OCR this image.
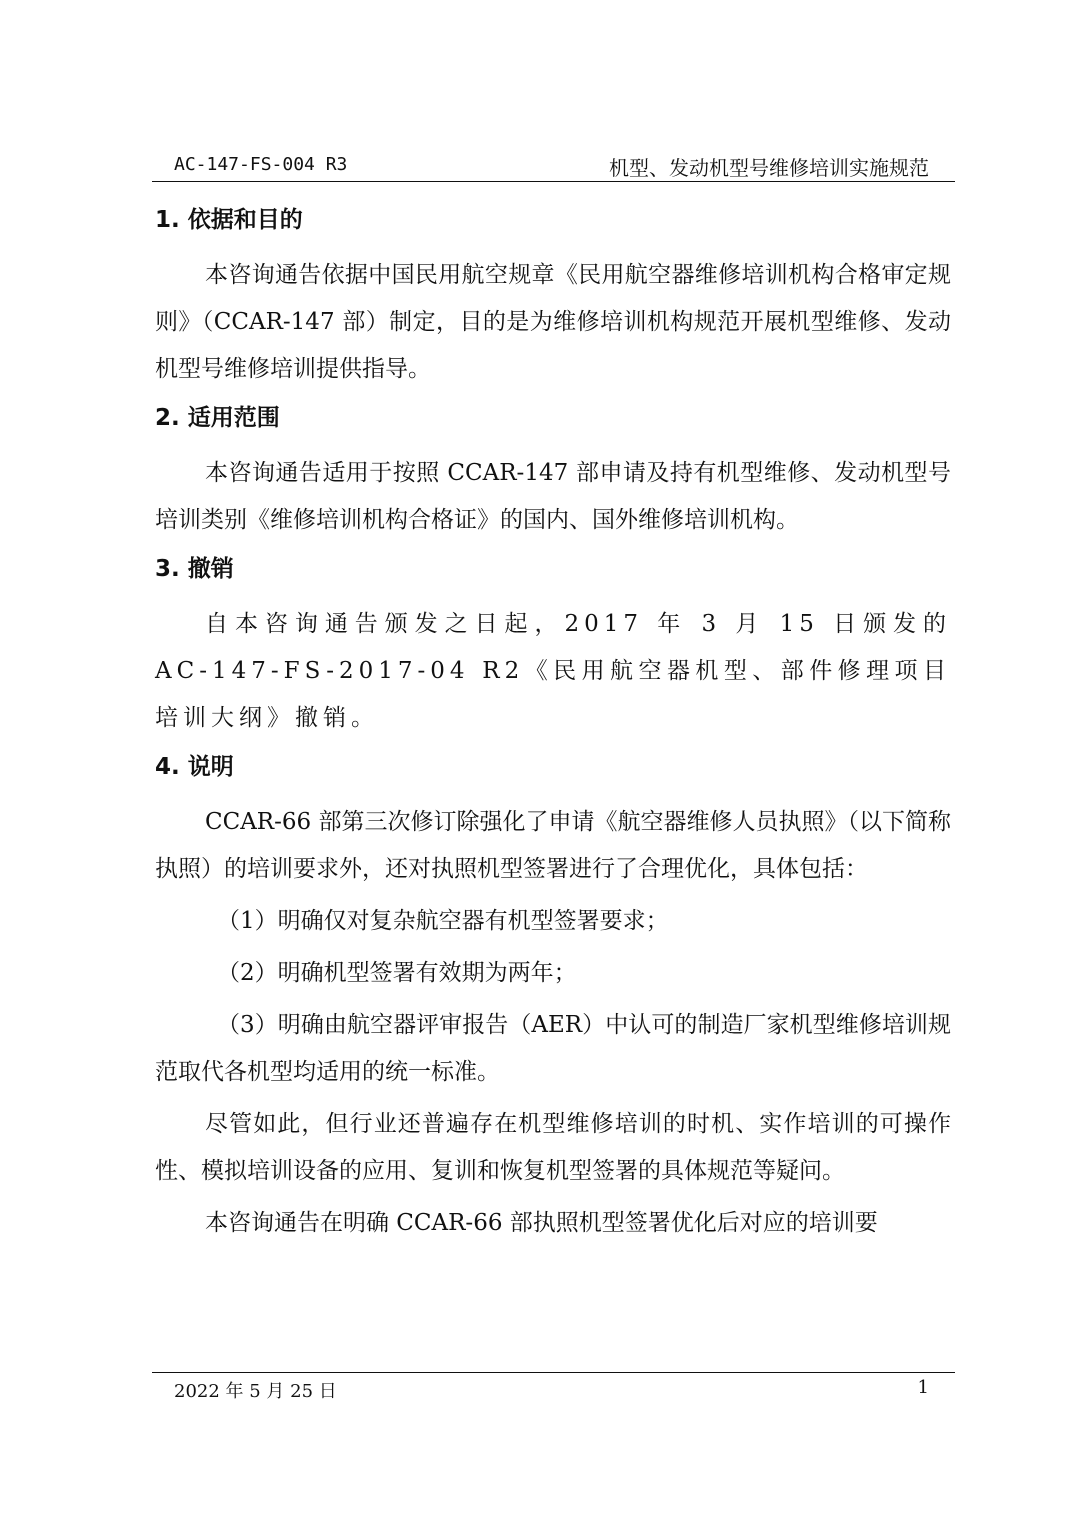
AC-147-FS-004 R3	机型、发动机型号维修培训实施规范
1. 依据和目的

本咨询通告依据中国民用航空规章《民用航空器维修培训机构合格审定规则》（CCAR-147 部）制定，目的是为维修培训机构规范开展机型维修、发动机型号维修培训提供指导。

2. 适用范围

本咨询通告适用于按照 CCAR-147 部申请及持有机型维修、发动机型号培训类别《维修培训机构合格证》的国内、国外维修培训机构。

3. 撤销

自本咨询通告颁发之日起，2017 年 3 月 15 日颁发的 AC-147-FS-2017-04 R2《民用航空器机型、部件修理项目培训大纲》撤销。

4. 说明

CCAR-66 部第三次修订除强化了申请《航空器维修人员执照》（以下简称执照）的培训要求外，还对执照机型签署进行了合理优化，具体包括：

（1）明确仅对复杂航空器有机型签署要求；

（2）明确机型签署有效期为两年；

（3）明确由航空器评审报告（AER）中认可的制造厂家机型维修培训规范取代各机型均适用的统一标准。

尽管如此，但行业还普遍存在机型维修培训的时机、实作培训的可操作性、模拟培训设备的应用、复训和恢复机型签署的具体规范等疑问。

本咨询通告在明确 CCAR-66 部执照机型签署优化后对应的培训要

2022 年 5 月 25 日	1
